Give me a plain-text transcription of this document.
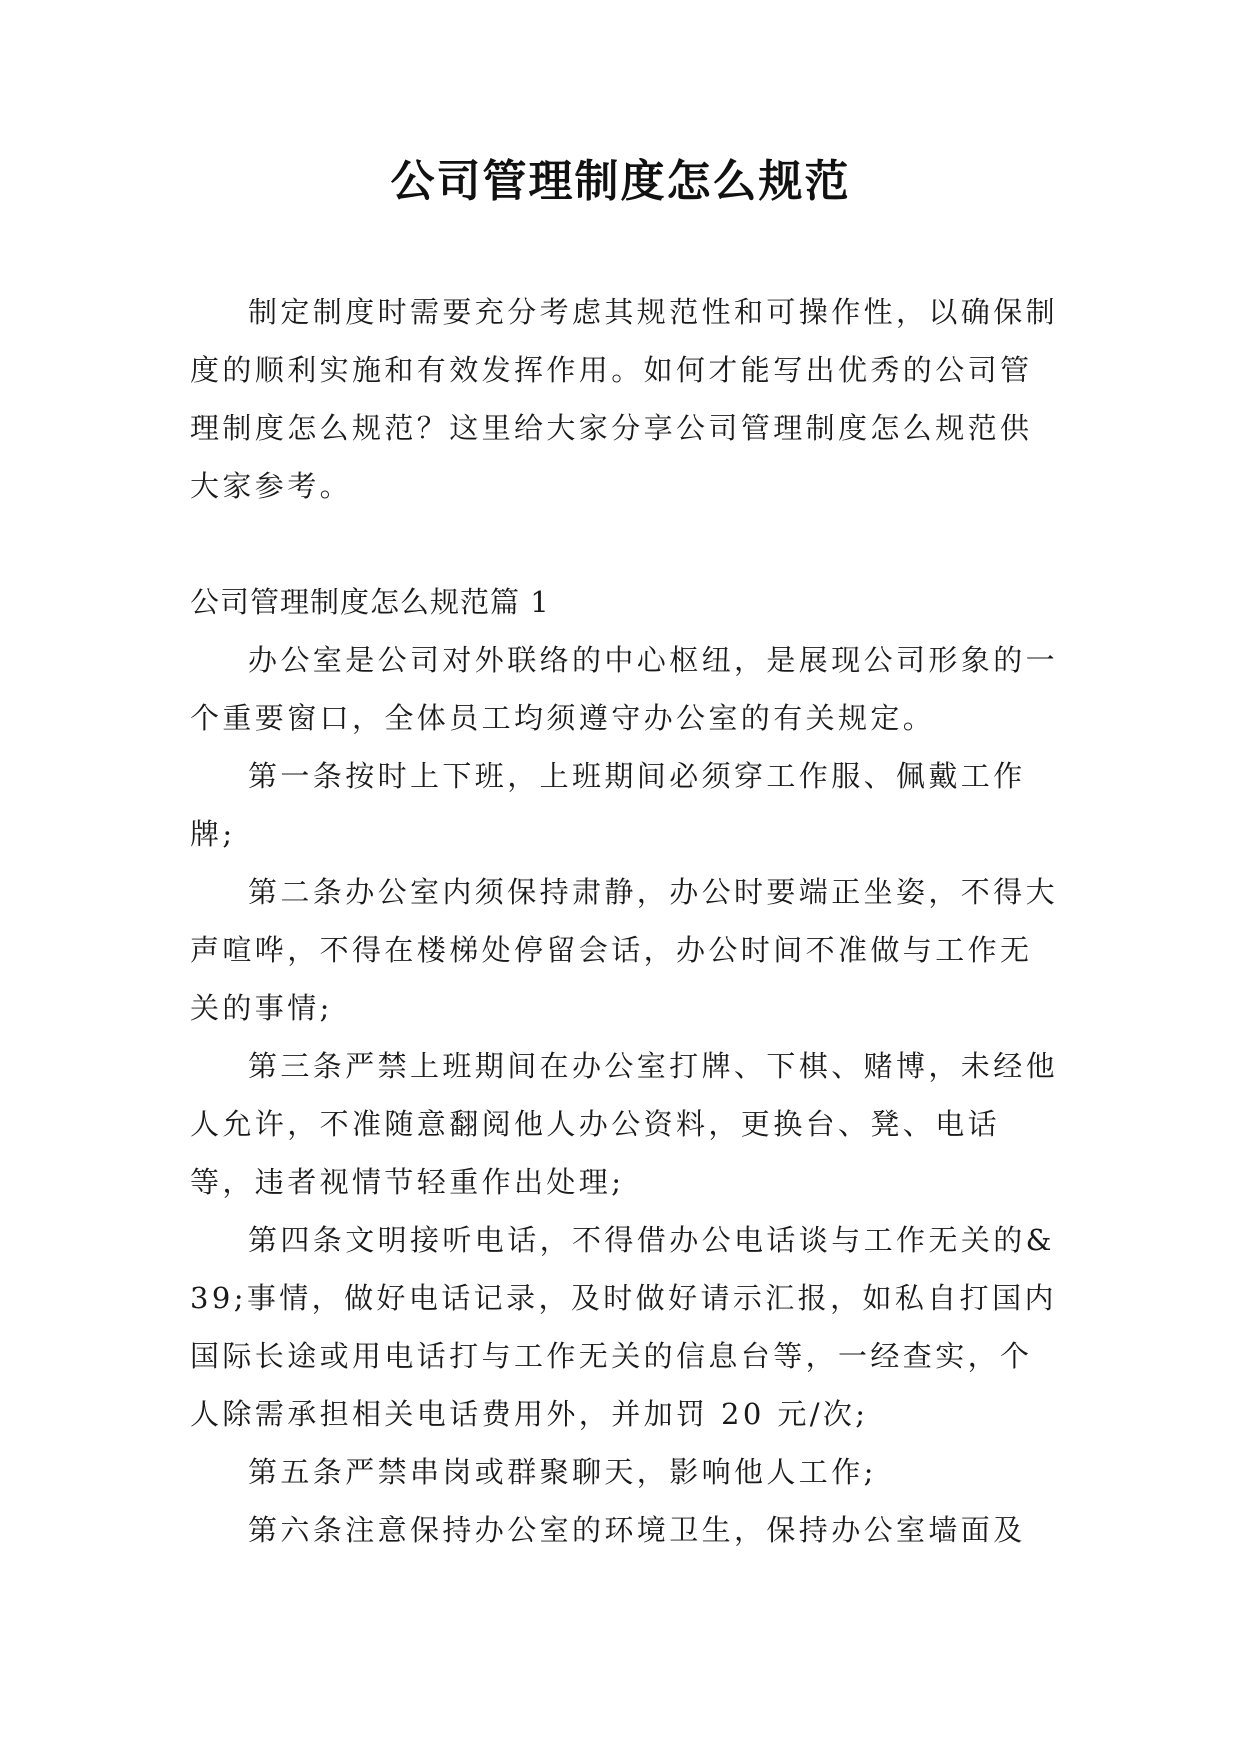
公司管理制度怎么规范

制定制度时需要充分考虑其规范性和可操作性，以确保制度的顺利实施和有效发挥作用。如何才能写出优秀的公司管理制度怎么规范？这里给大家分享公司管理制度怎么规范供大家参考。

公司管理制度怎么规范篇 1

办公室是公司对外联络的中心枢纽，是展现公司形象的一个重要窗口，全体员工均须遵守办公室的有关规定。

第一条按时上下班，上班期间必须穿工作服、佩戴工作牌;

第二条办公室内须保持肃静，办公时要端正坐姿，不得大声喧哗，不得在楼梯处停留会话，办公时间不准做与工作无关的事情;

第三条严禁上班期间在办公室打牌、下棋、赌博，未经他人允许，不准随意翻阅他人办公资料，更换台、凳、电话等，违者视情节轻重作出处理;

第四条文明接听电话，不得借办公电话谈与工作无关的&39;事情，做好电话记录，及时做好请示汇报，如私自打国内国际长途或用电话打与工作无关的信息台等，一经查实，个人除需承担相关电话费用外，并加罚 20 元/次;

第五条严禁串岗或群聚聊天，影响他人工作;

第六条注意保持办公室的环境卫生，保持办公室墙面及
